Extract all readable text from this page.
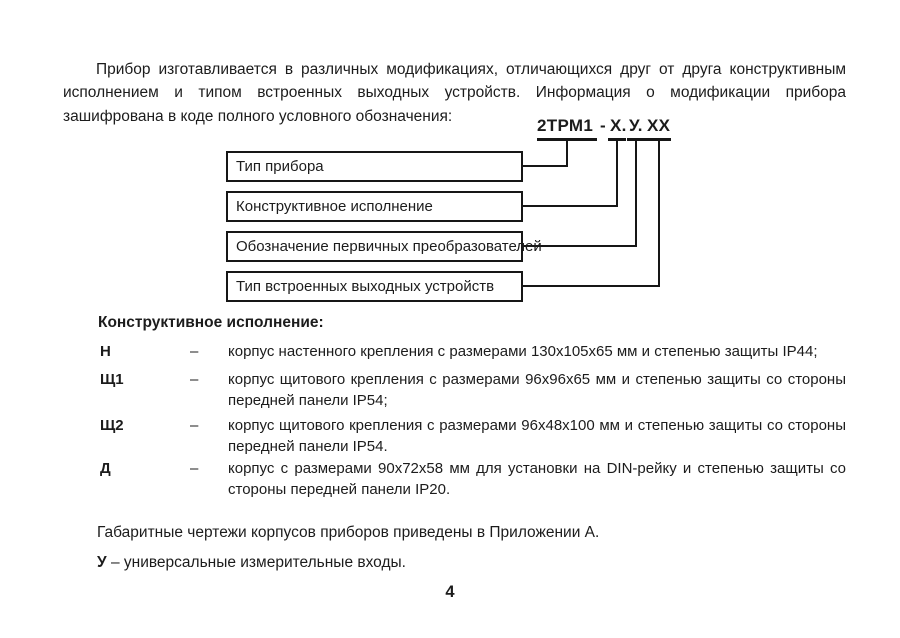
Прибор изготавливается в различных модификациях, отличающихся друг от друга конструктивным исполнением и типом встроенных выходных устройств. Информация о модификации прибора зашифрована в коде полного условного обозначения:	2ТРМ1 - Х. У. ХХ
Тип прибора
Конструктивное исполнение
Обозначение первичных преобразователей
Тип встроенных выходных устройств
Конструктивное исполнение:
Н	–	корпус настенного крепления с размерами 130х105х65 мм и степенью защиты IP44;
Щ1	–	корпус щитового крепления с размерами 96х96х65 мм и степенью защиты со стороны передней панели IP54;
Щ2	–	корпус щитового крепления с размерами 96х48х100 мм и степенью защиты со стороны передней панели IP54.
Д	–	корпус с размерами 90х72х58 мм для установки на DIN-рейку и степенью защиты со стороны передней панели IP20.

Габаритные чертежи корпусов приборов приведены в Приложении А.

У – универсальные измерительные входы.

4
